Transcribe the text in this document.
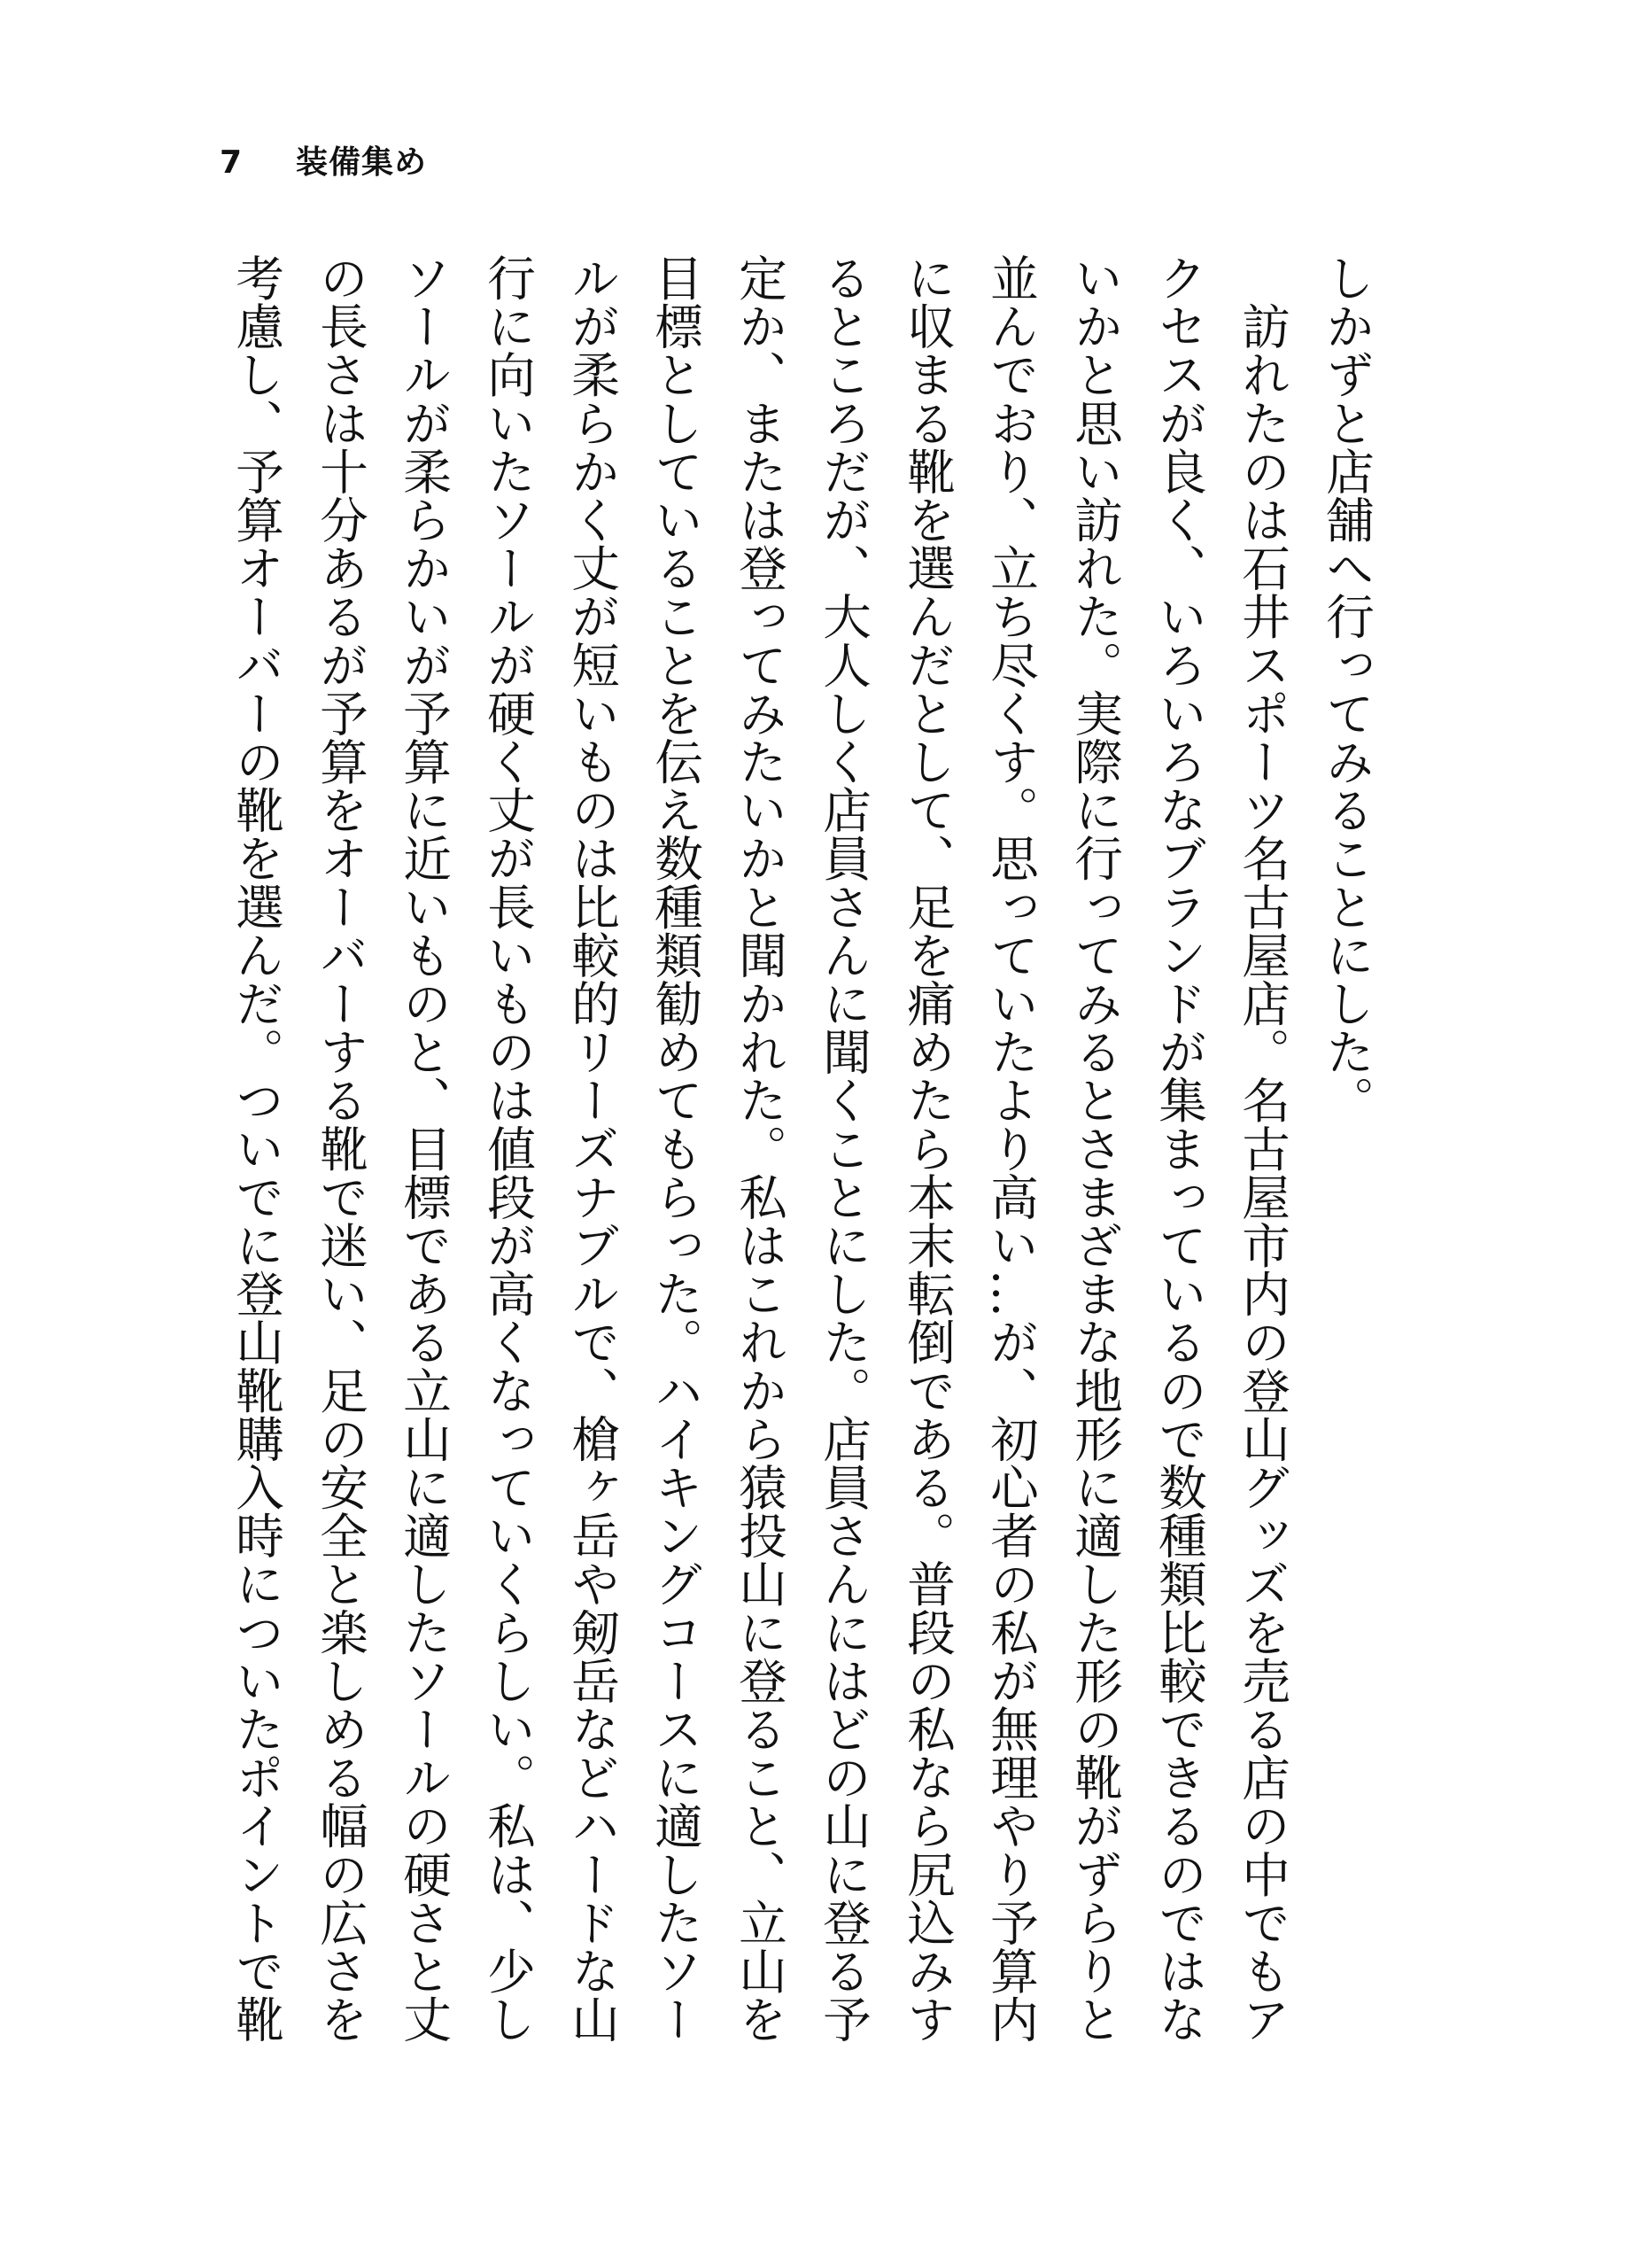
7	装備集め
しかずと店舗へ行ってみることにした。
　訪れたのは石井スポーツ名古屋店。名古屋市内の登山グッズを売る店の中でもア
クセスが良く、いろいろなブランドが集まっているので数種類比較できるのではな
いかと思い訪れた。実際に行ってみるとさまざまな地形に適した形の靴がずらりと
並んでおり、立ち尽くす。思っていたより高い…が、初心者の私が無理やり予算内
に収まる靴を選んだとして、足を痛めたら本末転倒である。普段の私なら尻込みす
るところだが、大人しく店員さんに聞くことにした。店員さんにはどの山に登る予
定か、または登ってみたいかと聞かれた。私はこれから猿投山に登ること、立山を
目標としていることを伝え数種類勧めてもらった。ハイキングコースに適したソー
ルが柔らかく丈が短いものは比較的リーズナブルで、槍ヶ岳や剱岳などハードな山
行に向いたソールが硬く丈が長いものは値段が高くなっていくらしい。私は、少し
ソールが柔らかいが予算に近いものと、目標である立山に適したソールの硬さと丈
の長さは十分あるが予算をオーバーする靴で迷い、足の安全と楽しめる幅の広さを
考慮し、予算オーバーの靴を選んだ。ついでに登山靴購入時についたポイントで靴
